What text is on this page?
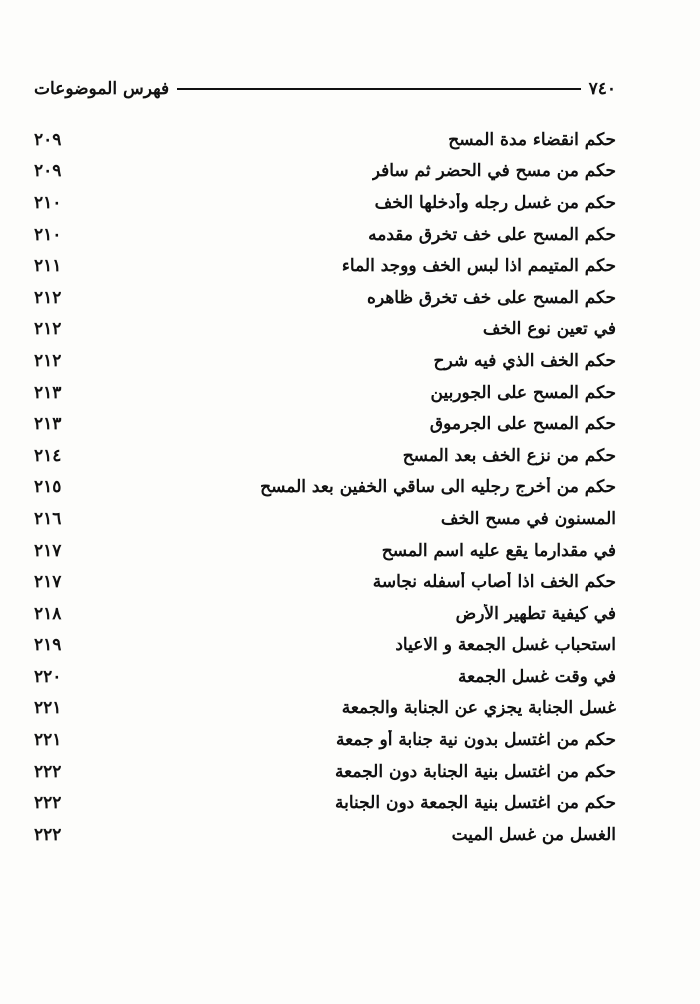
٧٤٠
فهرس الموضوعات
حكم انقضاء مدة المسح
٢٠٩
حكم من مسح في الحضر ثم سافر
٢٠٩
حكم من غسل رجله وأدخلها الخف
٢١٠
حكم المسح على خف تخرق مقدمه
٢١٠
حكم المتيمم اذا لبس الخف ووجد الماء
٢١١
حكم المسح على خف تخرق ظاهره
٢١٢
في تعين نوع الخف
٢١٢
حكم الخف الذي فيه شرح
٢١٢
حكم المسح على الجوربين
٢١٣
حكم المسح على الجرموق
٢١٣
حكم من نزع الخف بعد المسح
٢١٤
حكم من أخرج رجليه الى ساقي الخفين بعد المسح
٢١٥
المسنون في مسح الخف
٢١٦
في مقدارما يقع عليه اسم المسح
٢١٧
حكم الخف اذا أصاب أسفله نجاسة
٢١٧
في كيفية تطهير الأرض
٢١٨
استحباب غسل الجمعة و الاعياد
٢١٩
في وقت غسل الجمعة
٢٢٠
غسل الجنابة يجزي عن الجنابة والجمعة
٢٢١
حكم من اغتسل بدون نية جنابة أو جمعة
٢٢١
حكم من اغتسل بنية الجنابة دون الجمعة
٢٢٢
حكم من اغتسل بنية الجمعة دون الجنابة
٢٢٢
الغسل من غسل الميت
٢٢٢
